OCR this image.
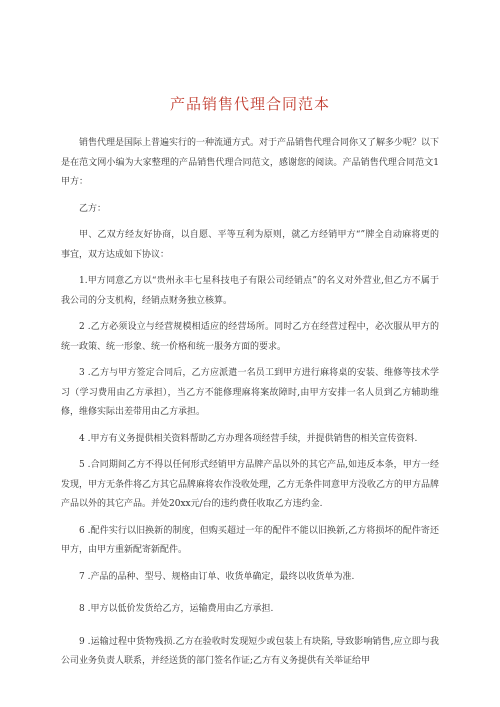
产品销售代理合同范本

销售代理是国际上普遍实行的一种流通方式。对于产品销售代理合同你又了解多少呢？以下是在范文网小编为大家整理的产品销售代理合同范文，感谢您的阅读。产品销售代理合同范文1甲方：

乙方：

甲、乙双方经友好协商，以自愿、平等互利为原则，就乙方经销甲方“”牌全自动麻将更的事宜，双方达成如下协议：

1.甲方同意乙方以“贵州永丰七星科技电子有限公司经销点”的名义对外营业,但乙方不属于我公司的分支机构，经销点财务独立核算。

2 .乙方必须设立与经营规模相适应的经营场所。同时乙方在经营过程中，必次服从甲方的统一政策、统一形象、统一价格和统一服务方面的要求。

3 .乙方与甲方签定合同后，乙方应派遣一名员工到甲方进行麻将桌的安装、维修等技术学习（学习费用由乙方承担），当乙方不能修理麻将案故障时,由甲方安排一名人员到乙方辅助维修，维修实际出差带用由乙方承担。

4 .甲方有义务提供相关资料帮助乙方办理各项经营手续，并提供销售的相关宣传资料.

5 .合同期间乙方不得以任何形式经销甲方品牌产品以外的其它产品,如违反本条，甲方一经发现，甲方无条件将乙方其它品牌麻将农作没收处理，乙方无条件同意甲方没收乙方的甲方品牌产品以外的其它产品。并处20xx元/台的违约费任收取乙方违约金.

6 .配件实行以旧换新的制度，但购买超过一年的配件不能以旧换新,乙方将损坏的配件寄还甲方，由甲方重新配寄新配件。

7 .产品的品种、型号、规格由订单、收货单确定，最终以收货单为准.

8 .甲方以低价发货给乙方，运输费用由乙方承担.

9 .运输过程中货物残损.乙方在验收时发现短少或包装上有块陷, 导致影响销售,应立即与我公司业务负责人联系，并经送货的部门签名作证;乙方有义务提供有关举证给甲
